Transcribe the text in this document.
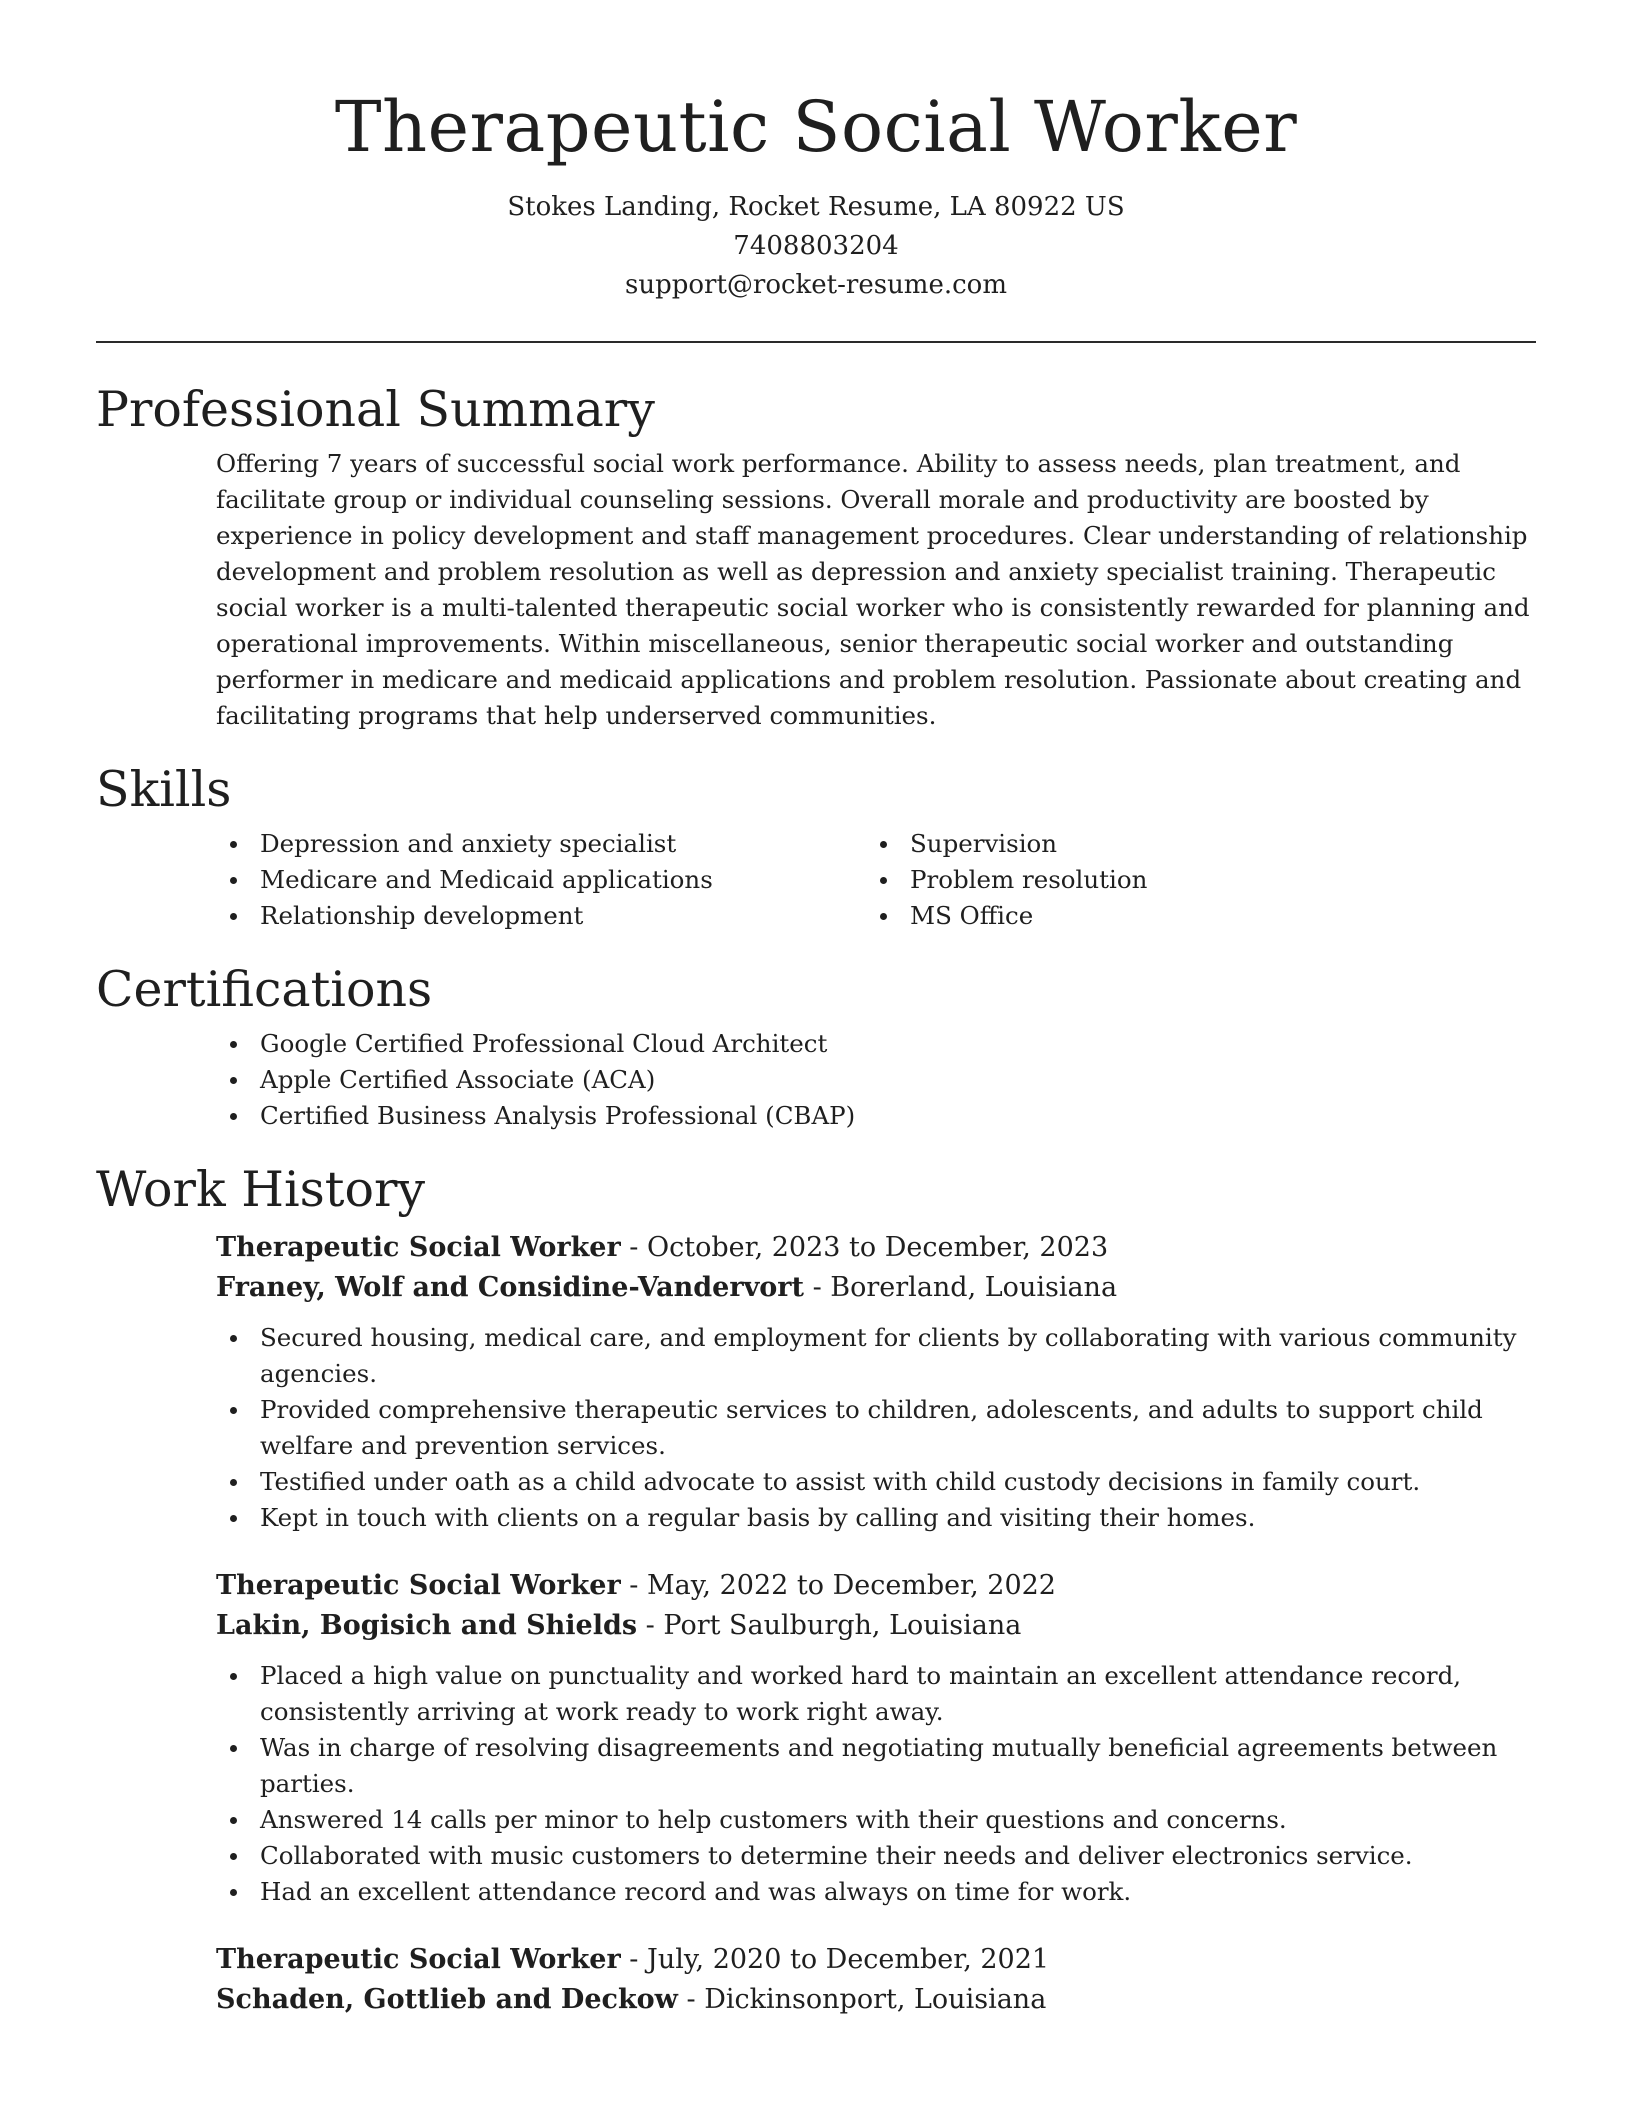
Therapeutic Social Worker
Stokes Landing, Rocket Resume, LA 80922 US
7408803204
support@rocket-resume.com
Professional Summary

Offering 7 years of successful social work performance. Ability to assess needs, plan treatment, and facilitate group or individual counseling sessions. Overall morale and productivity are boosted by experience in policy development and staff management procedures. Clear understanding of relationship development and problem resolution as well as depression and anxiety specialist training. Therapeutic social worker is a multi-talented therapeutic social worker who is consistently rewarded for planning and operational improvements. Within miscellaneous, senior therapeutic social worker and outstanding performer in medicare and medicaid applications and problem resolution. Passionate about creating and facilitating programs that help underserved communities.

Skills
Depression and anxiety specialist
Medicare and Medicaid applications
Relationship development
Supervision
Problem resolution
MS Office
Certifications
Google Certified Professional Cloud Architect
Apple Certified Associate (ACA)
Certified Business Analysis Professional (CBAP)
Work History
Therapeutic Social Worker - October, 2023 to December, 2023
Franey, Wolf and Considine-Vandervort - Borerland, Louisiana
Secured housing, medical care, and employment for clients by collaborating with various community agencies.
Provided comprehensive therapeutic services to children, adolescents, and adults to support child welfare and prevention services.
Testified under oath as a child advocate to assist with child custody decisions in family court.
Kept in touch with clients on a regular basis by calling and visiting their homes.
Therapeutic Social Worker - May, 2022 to December, 2022
Lakin, Bogisich and Shields - Port Saulburgh, Louisiana
Placed a high value on punctuality and worked hard to maintain an excellent attendance record, consistently arriving at work ready to work right away.
Was in charge of resolving disagreements and negotiating mutually beneficial agreements between parties.
Answered 14 calls per minor to help customers with their questions and concerns.
Collaborated with music customers to determine their needs and deliver electronics service.
Had an excellent attendance record and was always on time for work.
Therapeutic Social Worker - July, 2020 to December, 2021
Schaden, Gottlieb and Deckow - Dickinsonport, Louisiana
